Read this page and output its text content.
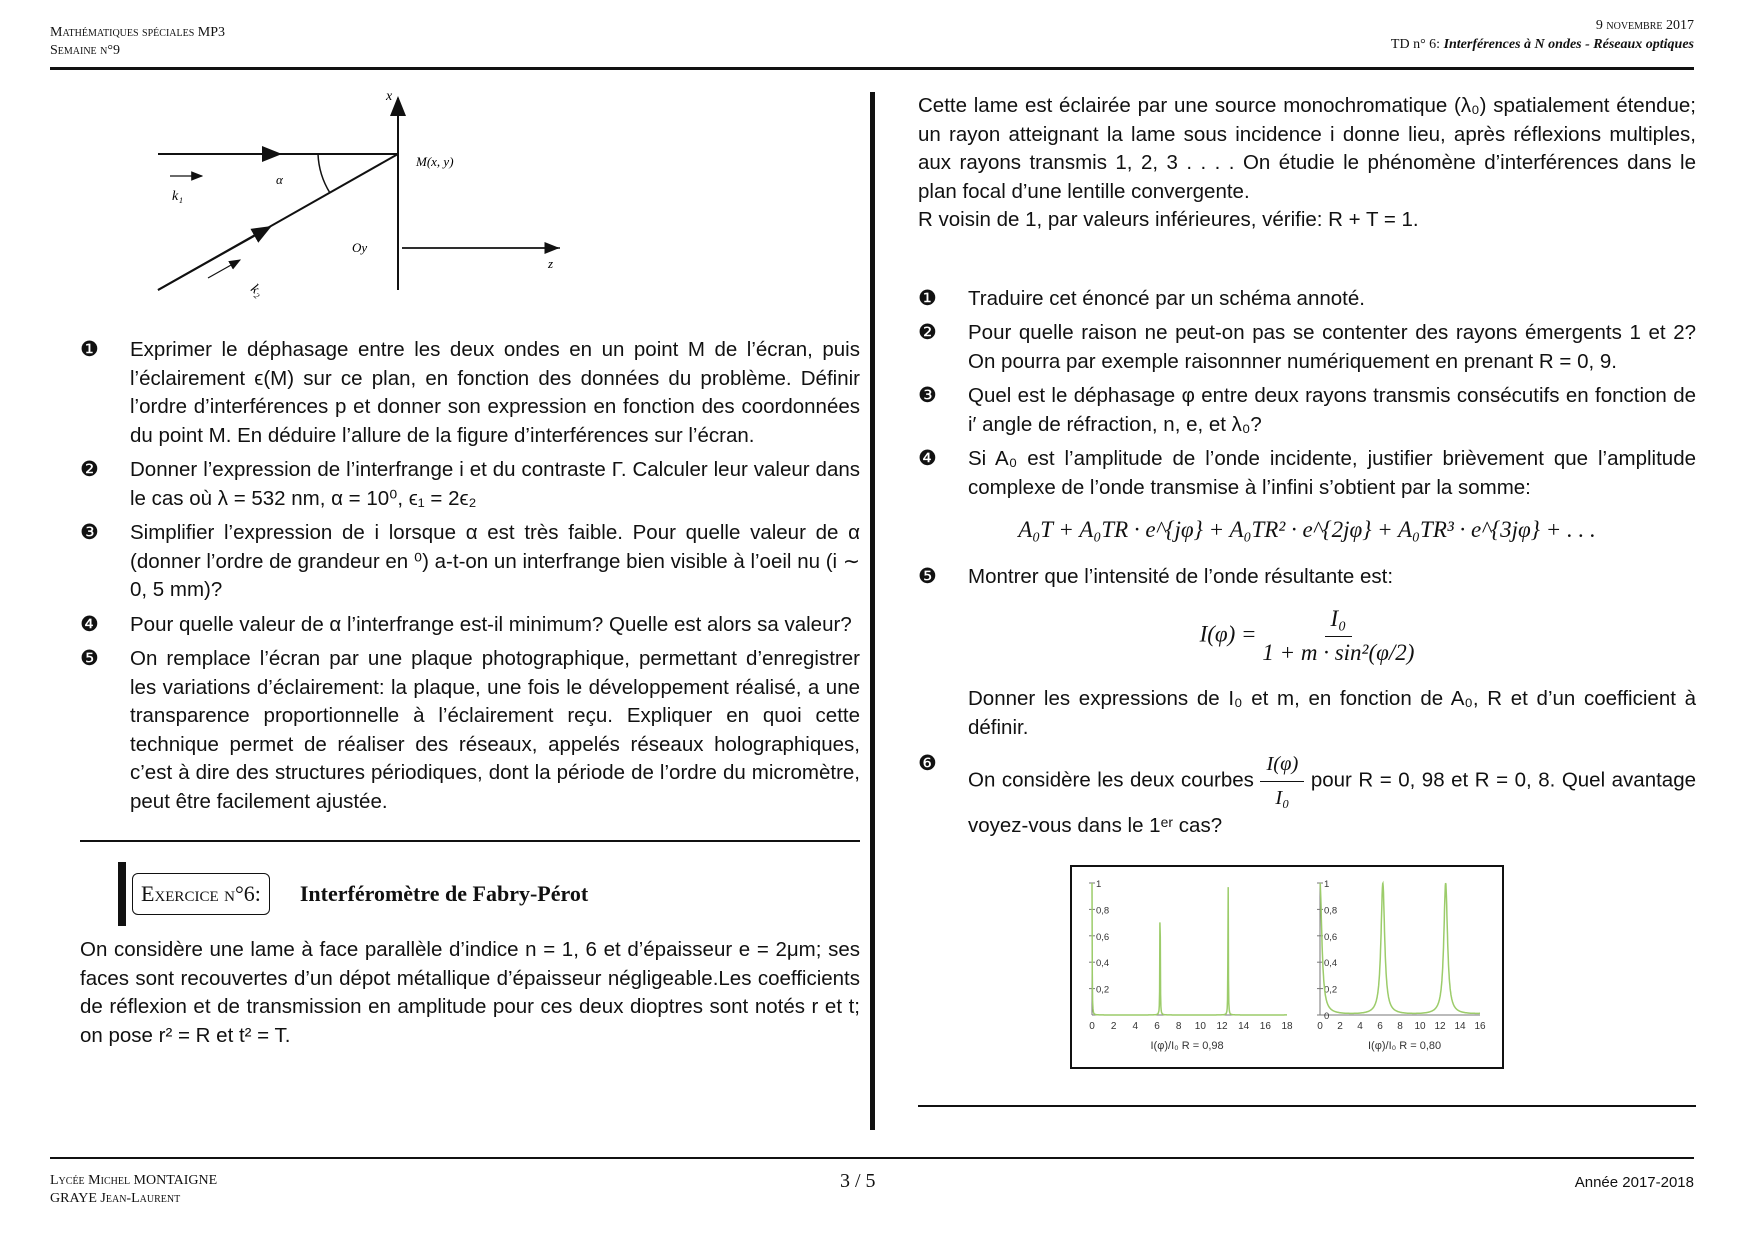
Mathématiques spéciales MP3
Semaine n°9
9 novembre 2017
TD n° 6: Interférences à N ondes - Réseaux optiques
x
α
M(x, y)
k₁
k₂
Oy
z
❶	Exprimer le déphasage entre les deux ondes en un point M de l’écran, puis l’éclairement ϵ(M) sur ce plan, en fonction des données du problème. Définir l’ordre d’interférences p et donner son expression en fonction des coordonnées du point M. En déduire l’allure de la figure d’interférences sur l’écran.
❷	Donner l’expression de l’interfrange i et du contraste Γ. Calculer leur valeur dans le cas où λ = 532 nm, α = 10⁰, ϵ₁ = 2ϵ₂
❸	Simplifier l’expression de i lorsque α est très faible. Pour quelle valeur de α (donner l’ordre de grandeur en ⁰) a-t-on un interfrange bien visible à l’oeil nu (i ∼ 0, 5 mm)?
❹	Pour quelle valeur de α l’interfrange est-il minimum? Quelle est alors sa valeur?
❺	On remplace l’écran par une plaque photographique, permettant d’enregistrer les variations d’éclairement: la plaque, une fois le développement réalisé, a une transparence proportionnelle à l’éclairement reçu. Expliquer en quoi cette technique permet de réaliser des réseaux, appelés réseaux holographiques, c’est à dire des structures périodiques, dont la période de l’ordre du micromètre, peut être facilement ajustée.
Exercice n°6:	Interféromètre de Fabry-Pérot
On considère une lame à face parallèle d’indice n = 1, 6 et d’épaisseur e = 2μm; ses faces sont recouvertes d’un dépot métallique d’épaisseur négligeable.Les coefficients de réflexion et de transmission en amplitude pour ces deux dioptres sont notés r et t; on pose r² = R et t² = T.
Cette lame est éclairée par une source monochromatique (λ₀) spatialement étendue; un rayon atteignant la lame sous incidence i donne lieu, après réflexions multiples, aux rayons transmis 1, 2, 3 . . . . On étudie le phénomène d’interférences dans le plan focal d’une lentille convergente.
R voisin de 1, par valeurs inférieures, vérifie: R + T = 1.
❶	Traduire cet énoncé par un schéma annoté.
❷	Pour quelle raison ne peut-on pas se contenter des rayons émergents 1 et 2? On pourra par exemple raisonnner numériquement en prenant R = 0, 9.
❸	Quel est le déphasage φ entre deux rayons transmis consécutifs en fonction de i′ angle de réfraction, n, e, et λ₀?
❹	Si A₀ est l’amplitude de l’onde incidente, justifier brièvement que l’amplitude complexe de l’onde transmise à l’infini s’obtient par la somme:
A₀T + A₀TR · e^{jφ} + A₀TR² · e^{2jφ} + A₀TR³ · e^{3jφ} + . . .
❺	Montrer que l’intensité de l’onde résultante est:
$I(\varphi) = \frac{\text{I₀}}{\text{1 + m · sin²(φ/2)}}$
Donner les expressions de I₀ et m, en fonction de A₀, R et d’un coefficient à définir.
❻
On considère les deux courbes $\frac{I(\varphi)}{\text{I₀}}$ pour R = 0, 98 et R = 0, 8. Quel avantage voyez-vous dans le 1ᵉʳ cas?
0 2 4 6 8 10 12 14 16 18
0,2
0,4
0,6
0,8
1
I(φ)/I₀ R = 0,98
0 2 4 6 8 10 12 14 16
0
0,2
0,4
0,6
0,8
1
I(φ)/I₀ R = 0,80
Lycée Michel MONTAIGNE
GRAYE Jean-Laurent
3 / 5	Année 2017-2018
